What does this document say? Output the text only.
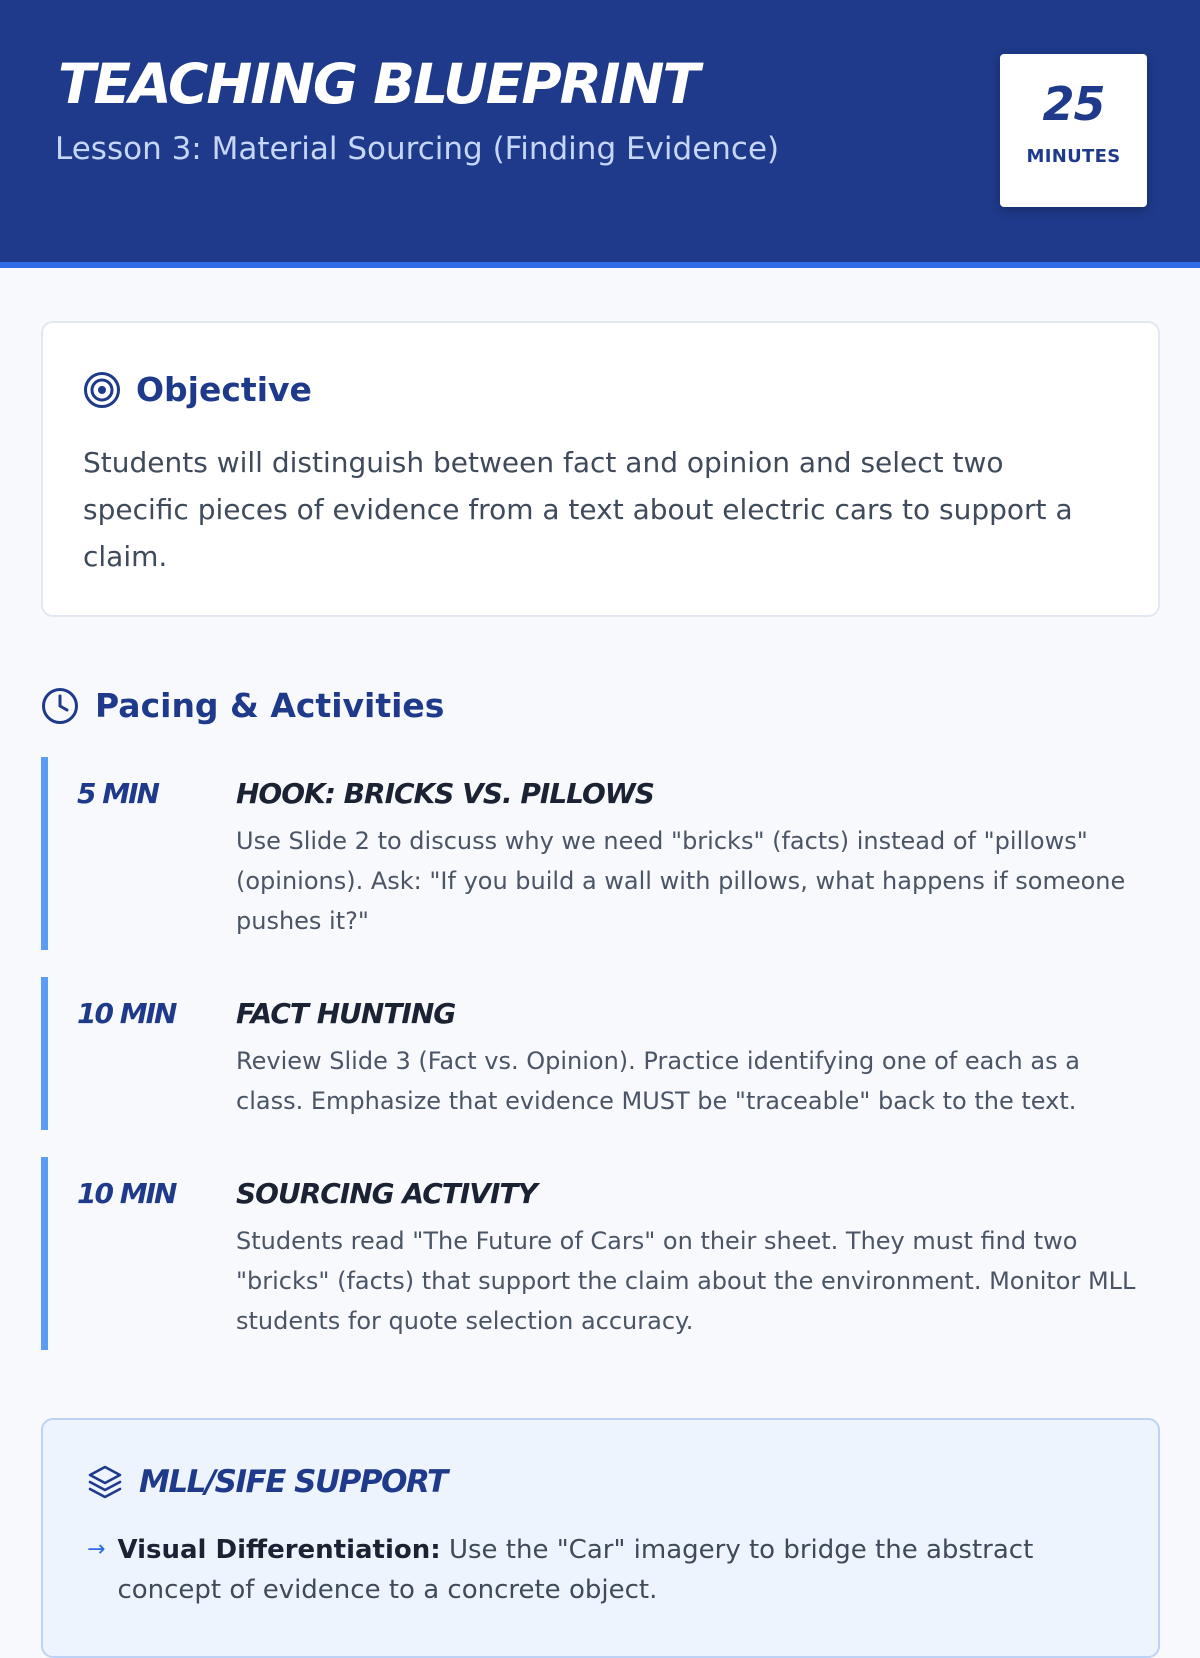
TEACHING BLUEPRINT
Lesson 3: Material Sourcing (Finding Evidence)
25
MINUTES
Objective
Students will distinguish between fact and opinion and select two specific pieces of evidence from a text about electric cars to support a claim.
Pacing & Activities
5 MIN	HOOK: BRICKS VS. PILLOWS
Use Slide 2 to discuss why we need "bricks" (facts) instead of "pillows" (opinions). Ask: "If you build a wall with pillows, what happens if someone pushes it?"
10 MIN FACT HUNTING
Review Slide 3 (Fact vs. Opinion). Practice identifying one of each as a class. Emphasize that evidence MUST be "traceable" back to the text.
10 MIN SOURCING ACTIVITY
Students read "The Future of Cars" on their sheet. They must find two "bricks" (facts) that support the claim about the environment. Monitor MLL students for quote selection accuracy.
MLL/SIFE SUPPORT
→ Visual Differentiation: Use the "Car" imagery to bridge the abstract concept of evidence to a concrete object.
